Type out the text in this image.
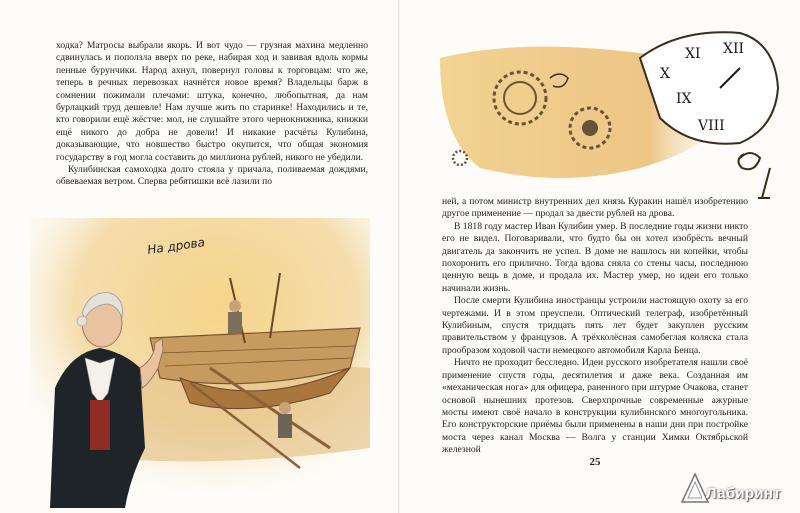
ходка? Матросы выбрали якорь. И вот чудо — грузная махина медленно сдвинулась и поползла вверх по реке, набирая ход и завивая вдоль кормы пенные бурунчики. Народ ахнул, повернул головы к торговцам: что же, теперь в речных перевозках начнётся новое время? Владельцы барж в сомнении пожимали плечами: штука, конечно, любопытная, да нам бурлацкий труд дешевле! Нам лучше жить по старинке! Находились и те, кто говорили ещё жёстче: мол, не слушайте этого чернокнижника, книжки ещё никого до добра не довели! И никакие расчёты Кулибина, доказывающие, что новшество быстро окупится, что общая экономия государству в год могла составить до миллиона рублей, никого не убедили.

Кулибинская самоходка долго стояла у причала, поливаемая дождями, обвеваемая ветром. Сперва ребятишки всё лазили по

На дрова
X
XI XII
IX
VIII

ней, а потом министр внутренних дел князь Куракин нашёл изобретению другое применение — продал за двести рублей на дрова.

В 1818 году мастер Иван Кулибин умер. В последние годы жизни никто его не видел. Поговаривали, что будто бы он хотел изобрёсть вечный двигатель да закончить не успел. В доме не нашлось ни копейки, чтобы похоронить его прилично. Тогда вдова сняла со стены часы, последнюю ценную вещь в доме, и продала их. Мастер умер, но идеи его только начинали жизнь.

После смерти Кулибина иностранцы устроили настоящую охоту за его чертежами. И в этом преуспели. Оптический телеграф, изобретённый Кулибиным, спустя тридцать пять лет будет закуплен русским правительством у французов. А трёхколёсная самобеглая коляска стала прообразом ходовой части немецкого автомобиля Карла Бенца.

Ничто не проходит бесследно. Идеи русского изобретателя нашли своё применение спустя годы, десятилетия и даже века. Созданная им «механическая нога» для офицера, раненного при штурме Очакова, станет основой нынешних протезов. Сверхпрочные современные ажурные мосты имеют своё начало в конструкции кулибинского многоугольника. Его конструкторские приёмы были применены в наши дни при постройке моста через канал Москва — Волга у станции Химки Октябрьской железной

25
Лабиринт
